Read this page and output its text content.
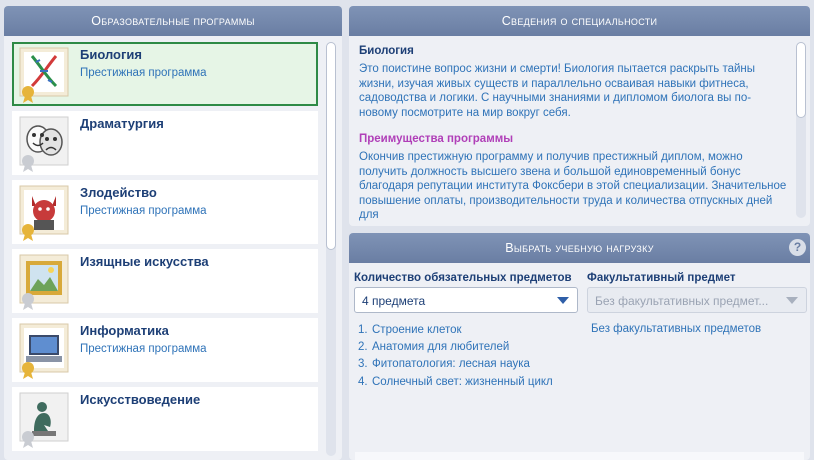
Образовательные программы
Биология
Престижная программа
Драматургия
Злодейство
Престижная программа
Изящные искусства
Информатика
Престижная программа
Искусствоведение
Сведения о специальности
Биология
Это поистине вопрос жизни и смерти! Биология пытается раскрыть тайны жизни, изучая живых существ и параллельно осваивая навыки фитнеса, садоводства и логики. С научными знаниями и дипломом биолога вы по-новому посмотрите на мир вокруг себя.
Преимущества программы
Окончив престижную программу и получив престижный диплом, можно получить должность высшего звена и большой единовременный бонус благодаря репутации института Фоксбери в этой специализации. Значительное повышение оплаты, производительности труда и количества отпускных дней для
Выбрать учебную нагрузку	?
Количество обязательных предметов Факультативный предмет
4 предмета	Без факультативных предмет...
1. Строение клеток
2. Анатомия для любителей
3. Фитопатология: лесная наука
4. Солнечный свет: жизненный цикл
Без факультативных предметов
